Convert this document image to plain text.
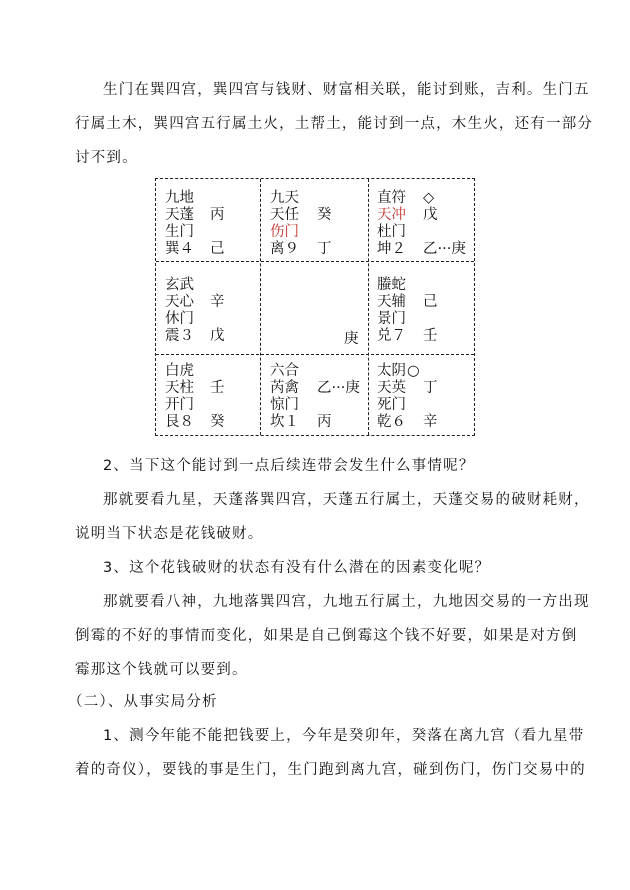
生门在巽四宫，巽四宫与钱财、财富相关联，能讨到账，吉利。生门五
行属土木，巽四宫五行属土火，土帮土，能讨到一点，木生火，还有一部分
讨不到。
九地
天蓬 丙
生门
巽４ 己
九天
天任 癸
伤门
离９ 丁
直符 ◇
天冲 戊
杜门
坤２ 乙···庚
玄武
天心 辛
休门
震３ 戊	庚
螣蛇
天辅 己
景门
兑７ 壬
白虎
天柱 壬
开门
艮８ 癸
六合
芮禽 乙···庚
惊门
坎１ 丙
太阴 ○
天英 丁
死门
乾６ 辛
2、当下这个能讨到一点后续连带会发生什么事情呢？
那就要看九星，天蓬落巽四宫，天蓬五行属土，天蓬交易的破财耗财，
说明当下状态是花钱破财。
3、这个花钱破财的状态有没有什么潜在的因素变化呢？
那就要看八神，九地落巽四宫，九地五行属土，九地因交易的一方出现
倒霉的不好的事情而变化，如果是自己倒霉这个钱不好要，如果是对方倒
霉那这个钱就可以要到。
（二）、从事实局分析
1、测今年能不能把钱要上，今年是癸卯年，癸落在离九宫（看九星带
着的奇仪），要钱的事是生门，生门跑到离九宫，碰到伤门，伤门交易中的
